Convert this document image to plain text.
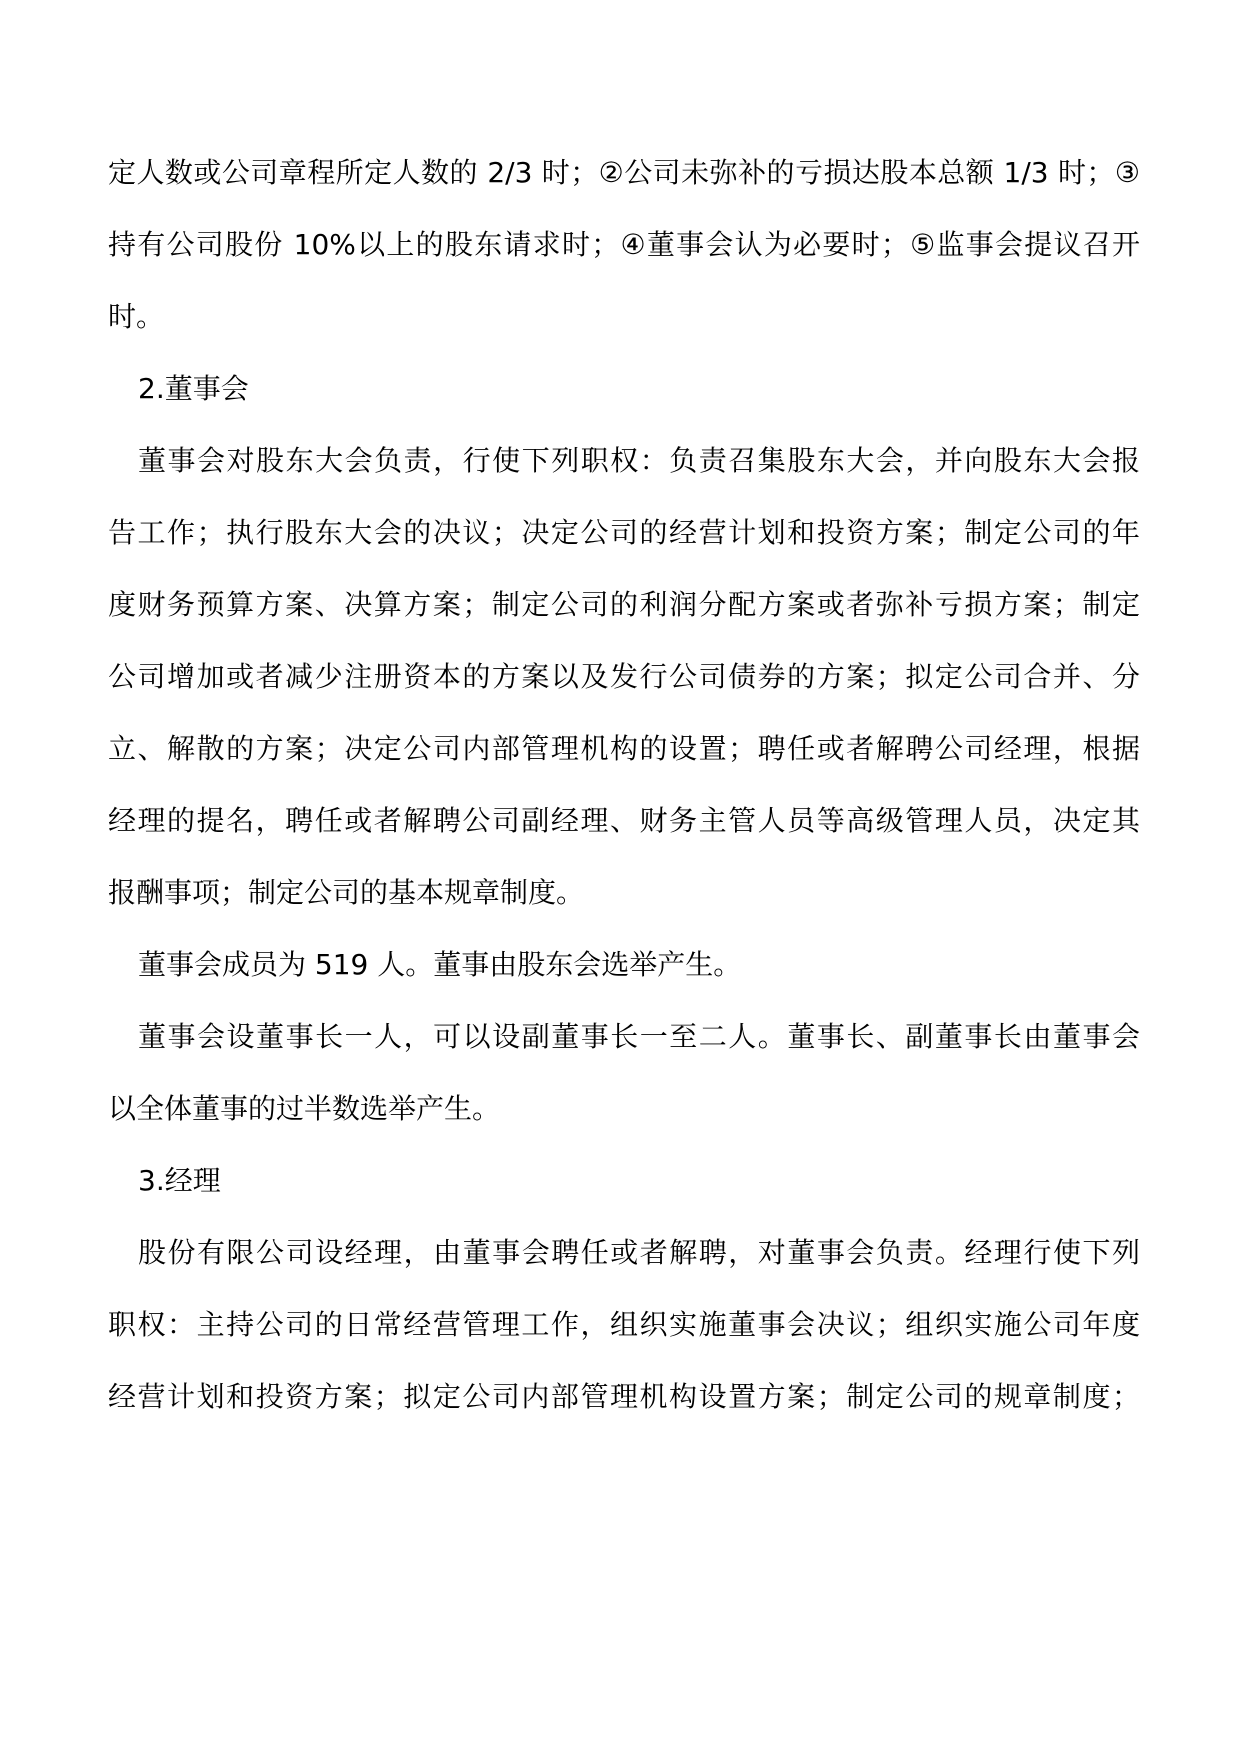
定人数或公司章程所定人数的 2/3 时；②公司未弥补的亏损达股本总额 1/3 时；③
持有公司股份 10%以上的股东请求时；④董事会认为必要时；⑤监事会提议召开
时。
2.董事会
董事会对股东大会负责，行使下列职权：负责召集股东大会，并向股东大会报
告工作；执行股东大会的决议；决定公司的经营计划和投资方案；制定公司的年
度财务预算方案、决算方案；制定公司的利润分配方案或者弥补亏损方案；制定
公司增加或者减少注册资本的方案以及发行公司债券的方案；拟定公司合并、分
立、解散的方案；决定公司内部管理机构的设置；聘任或者解聘公司经理，根据
经理的提名，聘任或者解聘公司副经理、财务主管人员等高级管理人员，决定其
报酬事项；制定公司的基本规章制度。
董事会成员为 519 人。董事由股东会选举产生。
董事会设董事长一人，可以设副董事长一至二人。董事长、副董事长由董事会
以全体董事的过半数选举产生。
3.经理
股份有限公司设经理，由董事会聘任或者解聘，对董事会负责。经理行使下列
职权：主持公司的日常经营管理工作，组织实施董事会决议；组织实施公司年度
经营计划和投资方案；拟定公司内部管理机构设置方案；制定公司的规章制度；
